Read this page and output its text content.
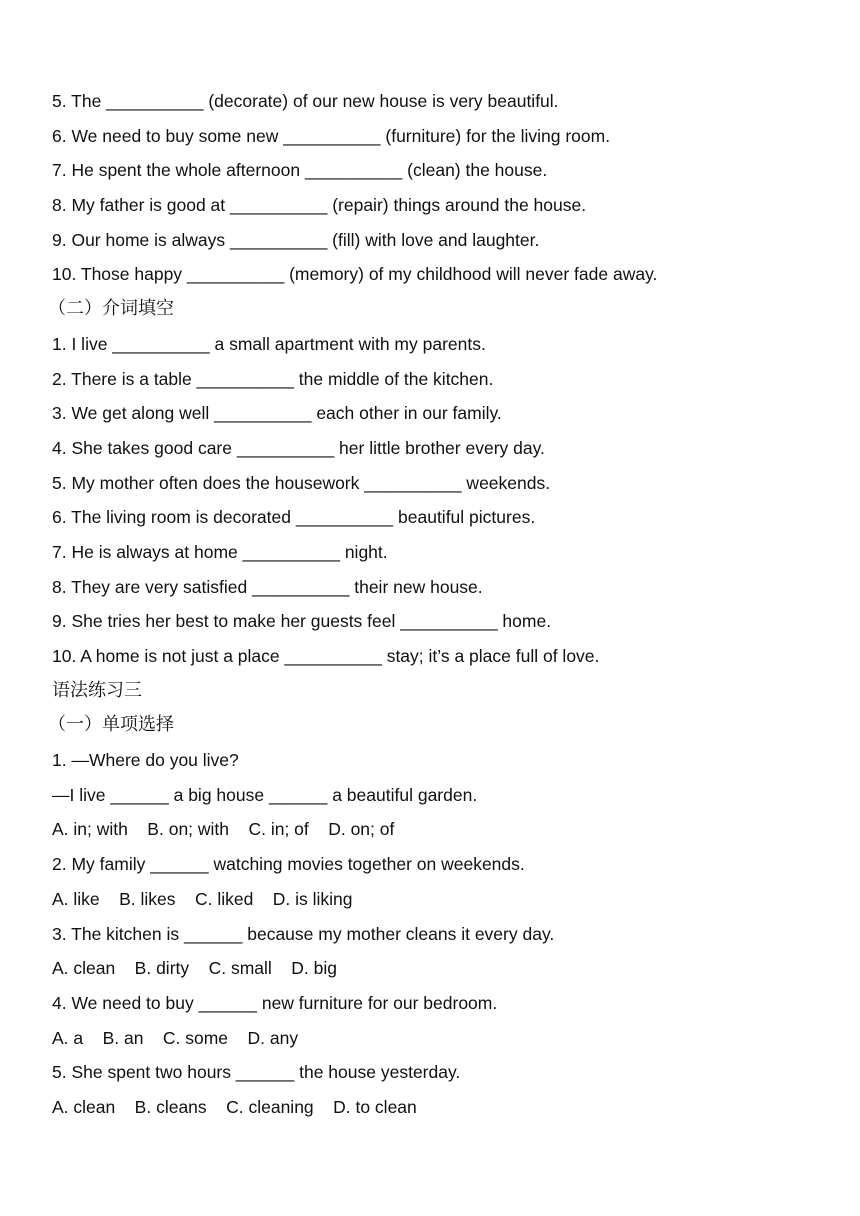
5. The __________ (decorate) of our new house is very beautiful.
6. We need to buy some new __________ (furniture) for the living room.
7. He spent the whole afternoon __________ (clean) the house.
8. My father is good at __________ (repair) things around the house.
9. Our home is always __________ (fill) with love and laughter.
10. Those happy __________ (memory) of my childhood will never fade away.
（二）介词填空
1. I live __________ a small apartment with my parents.
2. There is a table __________ the middle of the kitchen.
3. We get along well __________ each other in our family.
4. She takes good care __________ her little brother every day.
5. My mother often does the housework __________ weekends.
6. The living room is decorated __________ beautiful pictures.
7. He is always at home __________ night.
8. They are very satisfied __________ their new house.
9. She tries her best to make her guests feel __________ home.
10. A home is not just a place __________ stay; it’s a place full of love.
语法练习三
（一）单项选择
1. —Where do you live?
—I live ______ a big house ______ a beautiful garden.
A. in; with    B. on; with    C. in; of    D. on; of
2. My family ______ watching movies together on weekends.
A. like    B. likes    C. liked    D. is liking
3. The kitchen is ______ because my mother cleans it every day.
A. clean    B. dirty    C. small    D. big
4. We need to buy ______ new furniture for our bedroom.
A. a    B. an    C. some    D. any
5. She spent two hours ______ the house yesterday.
A. clean    B. cleans    C. cleaning    D. to clean
